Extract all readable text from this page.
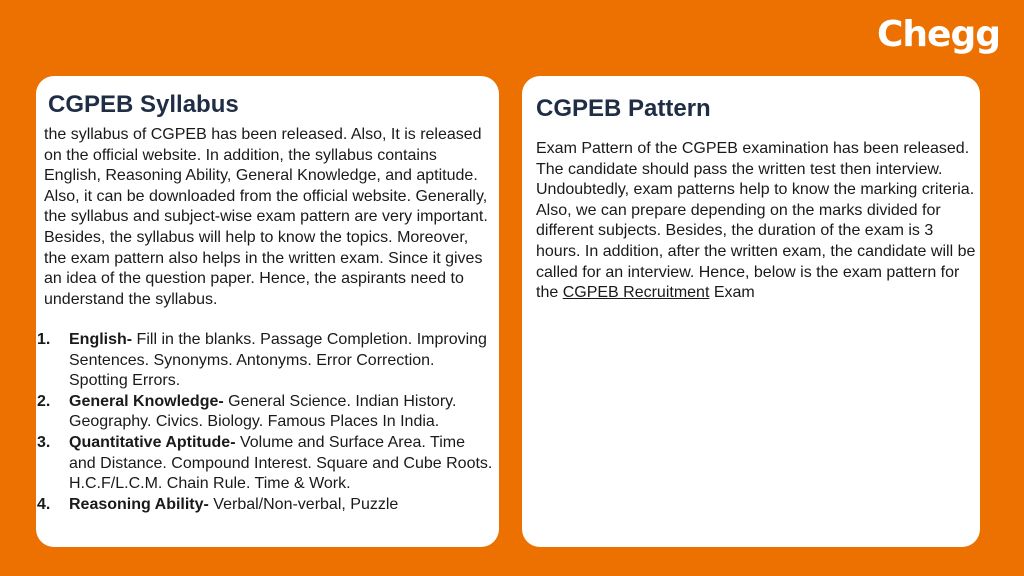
Chegg
CGPEB Syllabus

the syllabus of CGPEB has been released. Also, It is released on the official website. In addition, the syllabus contains English, Reasoning Ability, General Knowledge, and aptitude. Also, it can be downloaded from the official website. Generally, the syllabus and subject-wise exam pattern are very important. Besides, the syllabus will help to know the topics. Moreover, the exam pattern also helps in the written exam. Since it gives an idea of the question paper. Hence, the aspirants need to understand the syllabus.

1. English- Fill in the blanks. Passage Completion. Improving Sentences. Synonyms. Antonyms. Error Correction. Spotting Errors.
2. General Knowledge- General Science. Indian History. Geography. Civics. Biology. Famous Places In India.
3. Quantitative Aptitude- Volume and Surface Area. Time and Distance. Compound Interest. Square and Cube Roots. H.C.F/L.C.M. Chain Rule. Time & Work.
4. Reasoning Ability- Verbal/Non-verbal, Puzzle
CGPEB Pattern

Exam Pattern of the CGPEB examination has been released. The candidate should pass the written test then interview. Undoubtedly, exam patterns help to know the marking criteria. Also, we can prepare depending on the marks divided for different subjects. Besides, the duration of the exam is 3 hours. In addition, after the written exam, the candidate will be called for an interview. Hence, below is the exam pattern for the CGPEB Recruitment Exam
